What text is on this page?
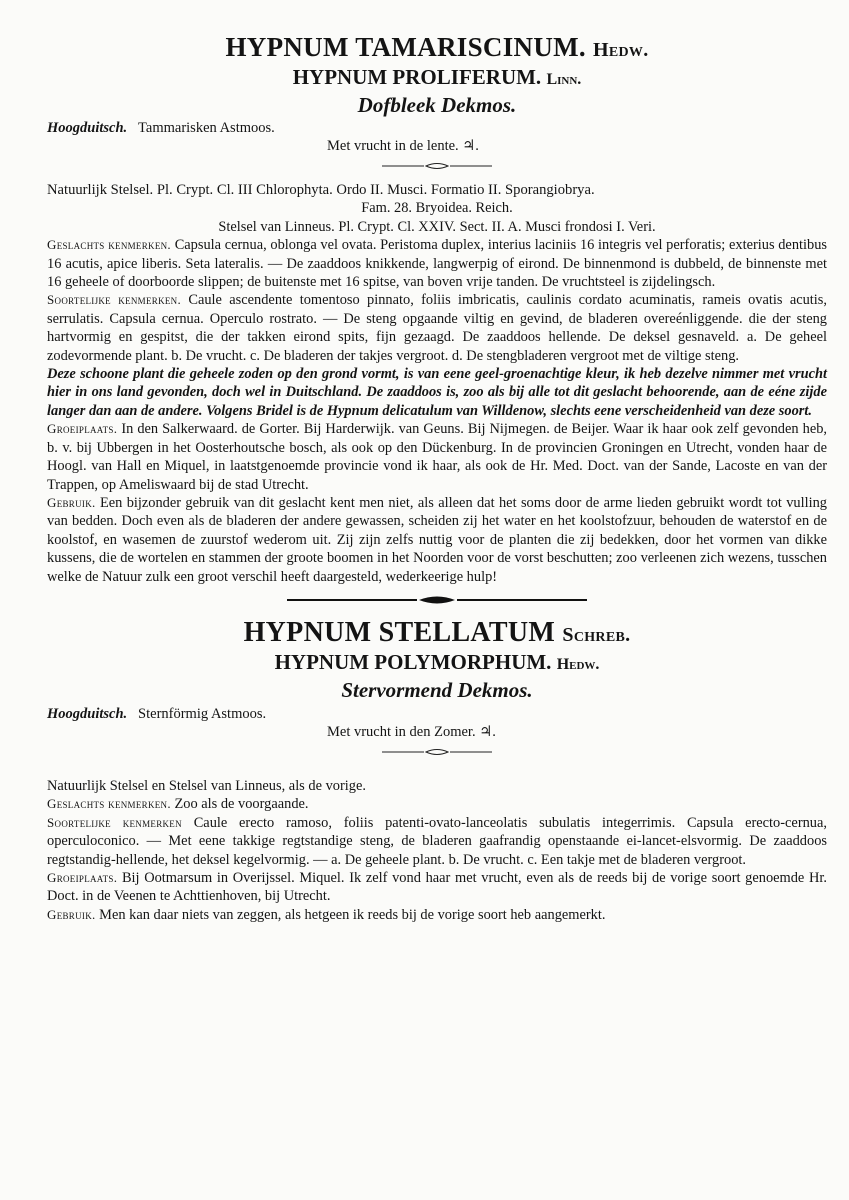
HYPNUM TAMARISCINUM. Hedw.

HYPNUM PROLIFERUM. Linn.

Dofbleek Dekmos.

Hoogduitsch. Tammarisken Astmoos.
Met vrucht in de lente. ♃.

Natuurlijk Stelsel. Pl. Crypt. Cl. III Chlorophyta. Ordo II. Musci. Formatio II. Sporangiobrya.

Fam. 28. Bryoidea. Reich.

Stelsel van Linneus. Pl. Crypt. Cl. XXIV. Sect. II. A. Musci frondosi I. Veri.

Geslachts kenmerken. Capsula cernua, oblonga vel ovata. Peristoma duplex, interius laciniis 16 integris vel perforatis; exterius dentibus 16 acutis, apice liberis. Seta lateralis. — De zaaddoos knikkende, langwerpig of eirond. De binnenmond is dubbeld, de binnenste met 16 geheele of doorboorde slippen; de buitenste met 16 spitse, van boven vrije tanden. De vruchtsteel is zijdelingsch.

Soortelijke kenmerken. Caule ascendente tomentoso pinnato, foliis imbricatis, caulinis cordato acuminatis, rameis ovatis acutis, serrulatis. Capsula cernua. Operculo rostrato. — De steng opgaande viltig en gevind, de bladeren overeénliggende. die der steng hartvormig en gespitst, die der takken eirond spits, fijn gezaagd. De zaaddoos hellende. De deksel gesnaveld. a. De geheel zodevormende plant. b. De vrucht. c. De bladeren der takjes vergroot. d. De stengbladeren vergroot met de viltige steng.

Deze schoone plant die geheele zoden op den grond vormt, is van eene geel-groenachtige kleur, ik heb dezelve nimmer met vrucht hier in ons land gevonden, doch wel in Duitschland. De zaaddoos is, zoo als bij alle tot dit geslacht behoorende, aan de eéne zijde langer dan aan de andere. Volgens Bridel is de Hypnum delicatulum van Willdenow, slechts eene verscheidenheid van deze soort.

Groeiplaats. In den Salkerwaard. de Gorter. Bij Harderwijk. van Geuns. Bij Nijmegen. de Beijer. Waar ik haar ook zelf gevonden heb, b. v. bij Ubbergen in het Oosterhoutsche bosch, als ook op den Dückenburg. In de provincien Groningen en Utrecht, vonden haar de Hoogl. van Hall en Miquel, in laatstgenoemde provincie vond ik haar, als ook de Hr. Med. Doct. van der Sande, Lacoste en van der Trappen, op Ameliswaard bij de stad Utrecht.

Gebruik. Een bijzonder gebruik van dit geslacht kent men niet, als alleen dat het soms door de arme lieden gebruikt wordt tot vulling van bedden. Doch even als de bladeren der andere gewassen, scheiden zij het water en het koolstofzuur, behouden de waterstof en de koolstof, en wasemen de zuurstof wederom uit. Zij zijn zelfs nuttig voor de planten die zij bedekken, door het vormen van dikke kussens, die de wortelen en stammen der groote boomen in het Noorden voor de vorst beschutten; zoo verleenen zich wezens, tusschen welke de Natuur zulk een groot verschil heeft daargesteld, wederkeerige hulp!

HYPNUM STELLATUM Schreb.

HYPNUM POLYMORPHUM. Hedw.

Stervormend Dekmos.

Hoogduitsch. Sternförmig Astmoos.
Met vrucht in den Zomer. ♃.

Natuurlijk Stelsel en Stelsel van Linneus, als de vorige.

Geslachts kenmerken. Zoo als de voorgaande.

Soortelijke kenmerken Caule erecto ramoso, foliis patenti-ovato-lanceolatis subulatis integerrimis. Capsula erecto-cernua, operculoconico. — Met eene takkige regtstandige steng, de bladeren gaafrandig openstaande ei-lancet-elsvormig. De zaaddoos regtstandig-hellende, het deksel kegelvormig. — a. De geheele plant. b. De vrucht. c. Een takje met de bladeren vergroot.

Groeiplaats. Bij Ootmarsum in Overijssel. Miquel. Ik zelf vond haar met vrucht, even als de reeds bij de vorige soort genoemde Hr. Doct. in de Veenen te Achttienhoven, bij Utrecht.

Gebruik. Men kan daar niets van zeggen, als hetgeen ik reeds bij de vorige soort heb aangemerkt.
